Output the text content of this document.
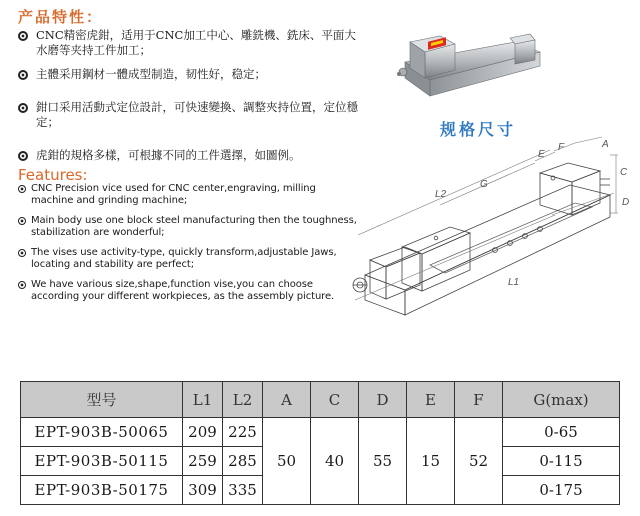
产品特性：
CNC精密虎鉗，适用于CNC加工中心、雕銑機、銑床、平面大水磨等夹持工件加工；
主體采用鋼材一體成型制造，韧性好，稳定；
鉗口采用活動式定位設計，可快速變換、調整夾持位置，定位穩定；
虎鉗的規格多樣，可根據不同的工件選擇，如圖例。
Features:
CNC Precision vice used for CNC center,engraving, milling machine and grinding machine;
Main body use one block steel manufacturing then the toughness, stabilization are wonderful;
The vises use activity-type, quickly transform,adjustable Jaws, locating and stability are perfect;
We have various size,shape,function vise,you can choose according your different workpieces, as the assembly picture.
规格尺寸
L2
G
E
F	A
C
D
L1
型号	L1	L2	A	C	D	E	F	G(max)
EPT-903B-50065	209	225	50	40	55	15	52	0-65
EPT-903B-50115	259	285						0-115
EPT-903B-50175	309	335						0-175
